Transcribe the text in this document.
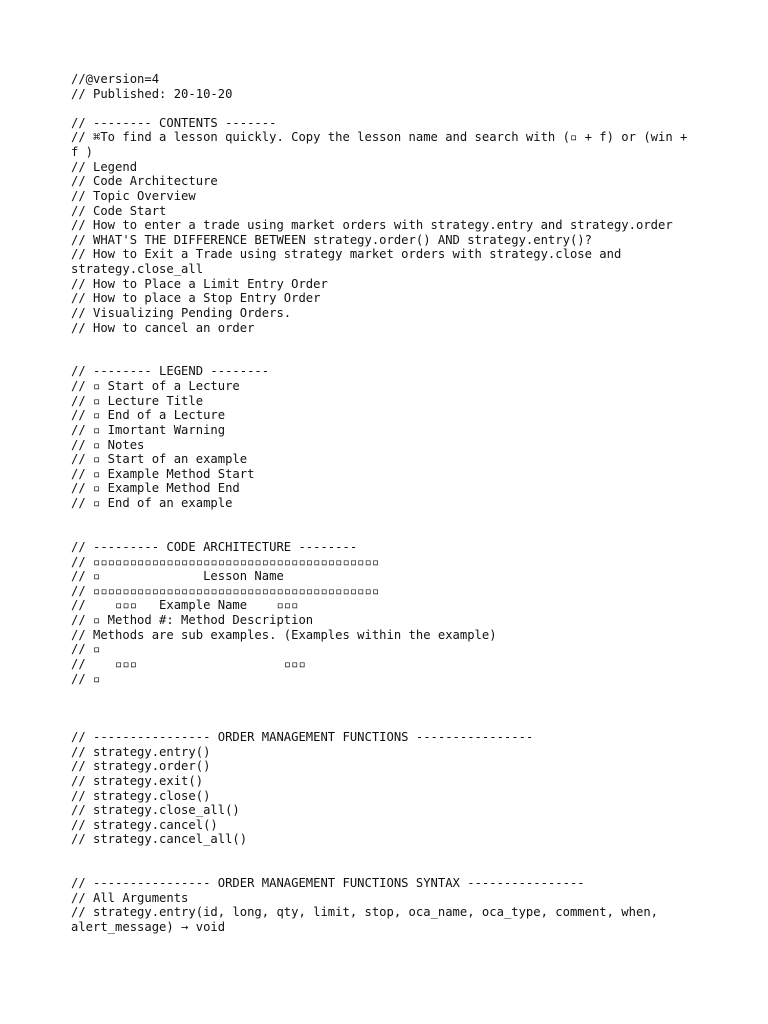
//@version=4
// Published: 20-10-20
// -------- CONTENTS -------
// ⌘To find a lesson quickly. Copy the lesson name and search with (▫ + f) or (win + f )
// Legend
// Code Architecture
// Topic Overview
// Code Start
// How to enter a trade using market orders with strategy.entry and strategy.order
// WHAT'S THE DIFFERENCE BETWEEN strategy.order() AND strategy.entry()?
// How to Exit a Trade using strategy market orders with strategy.close and strategy.close_all
// How to Place a Limit Entry Order
// How to place a Stop Entry Order
// Visualizing Pending Orders.
// How to cancel an order
// -------- LEGEND --------
// ▫ Start of a Lecture
// ▫ Lecture Title
// ▫ End of a Lecture
// ▫ Imortant Warning
// ▫ Notes
// ▫ Start of an example
// ▫ Example Method Start
// ▫ Example Method End
// ▫ End of an example
// --------- CODE ARCHITECTURE --------
// ▫▫▫▫▫▫▫▫▫▫▫▫▫▫▫▫▫▫▫▫▫▫▫▫▫▫▫▫▫▫▫▫▫▫▫▫▫▫▫
// ▫              Lesson Name
// ▫▫▫▫▫▫▫▫▫▫▫▫▫▫▫▫▫▫▫▫▫▫▫▫▫▫▫▫▫▫▫▫▫▫▫▫▫▫▫
//    ▫▫▫   Example Name    ▫▫▫
// ▫ Method #: Method Description
// Methods are sub examples. (Examples within the example)
// ▫
//    ▫▫▫                    ▫▫▫
// ▫
// ---------------- ORDER MANAGEMENT FUNCTIONS ----------------
// strategy.entry()
// strategy.order()
// strategy.exit()
// strategy.close()
// strategy.close_all()
// strategy.cancel()
// strategy.cancel_all()
// ---------------- ORDER MANAGEMENT FUNCTIONS SYNTAX ----------------
// All Arguments
// strategy.entry(id, long, qty, limit, stop, oca_name, oca_type, comment, when, alert_message) → void
